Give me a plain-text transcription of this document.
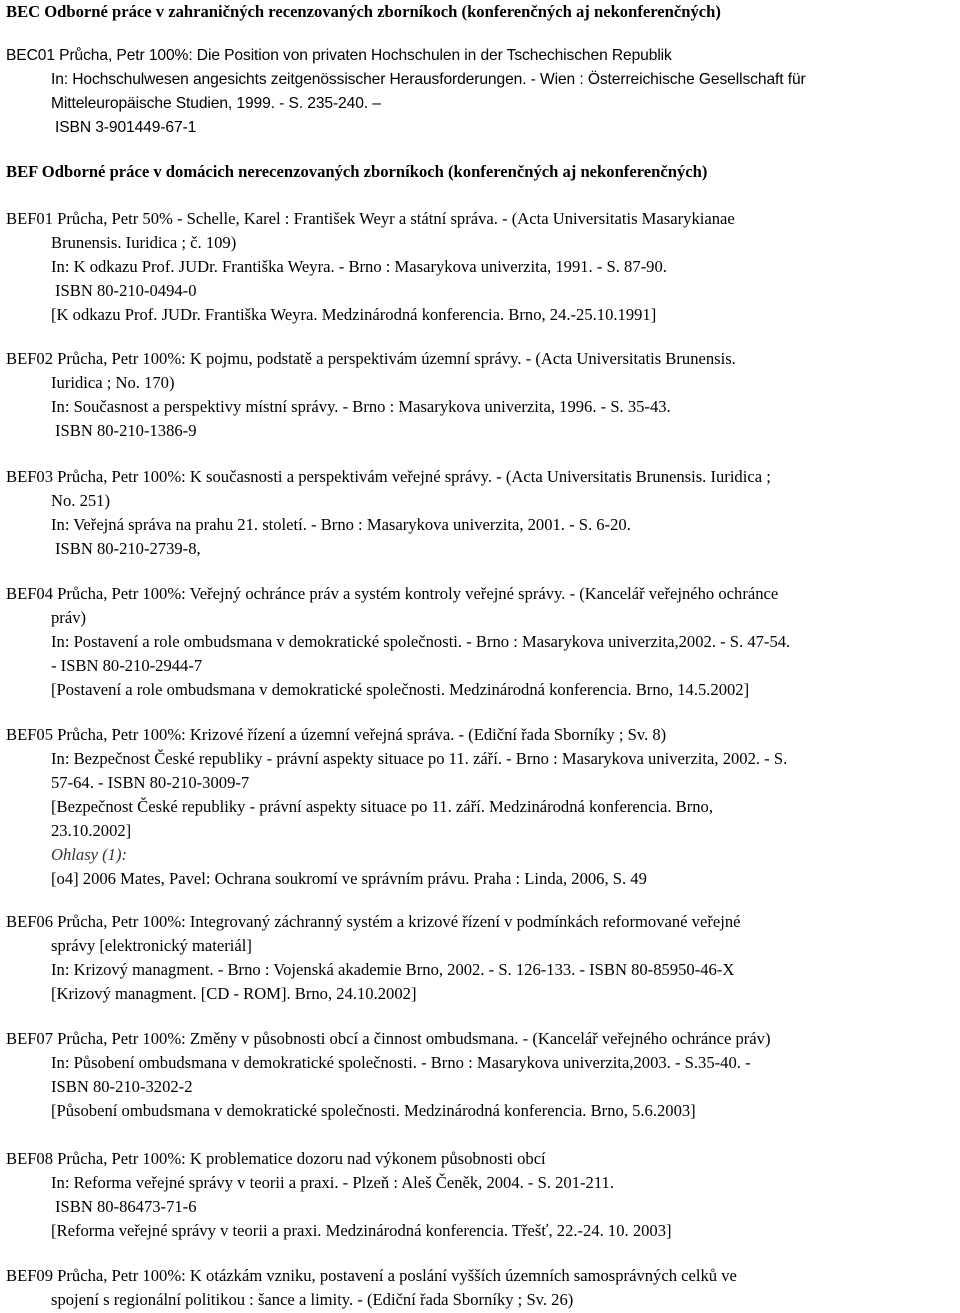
BEC Odborné práce v zahraničných recenzovaných zborníkoch (konferenčných aj nekonferenčných)
BEC01 Průcha, Petr 100%: Die Position von privaten Hochschulen in der Tschechischen Republik
In: Hochschulwesen angesichts zeitgenössischer Herausforderungen. - Wien : Österreichische Gesellschaft für
Mitteleuropäische Studien, 1999. - S. 235-240. –
ISBN 3-901449-67-1
BEF Odborné práce v domácich nerecenzovaných zborníkoch (konferenčných aj nekonferenčných)
BEF01 Průcha, Petr 50% - Schelle, Karel : František Weyr a státní správa. - (Acta Universitatis Masarykianae
Brunensis. Iuridica ; č. 109)
In: K odkazu Prof. JUDr. Františka Weyra. - Brno : Masarykova univerzita, 1991. - S. 87-90.
ISBN 80-210-0494-0
[K odkazu Prof. JUDr. Františka Weyra. Medzinárodná konferencia. Brno, 24.-25.10.1991]
BEF02 Průcha, Petr 100%: K pojmu, podstatě a perspektivám územní správy. - (Acta Universitatis Brunensis.
Iuridica ; No. 170)
In: Současnost a perspektivy místní správy. - Brno : Masarykova univerzita, 1996. - S. 35-43.
ISBN 80-210-1386-9
BEF03 Průcha, Petr 100%: K současnosti a perspektivám veřejné správy. - (Acta Universitatis Brunensis. Iuridica ;
No. 251)
In: Veřejná správa na prahu 21. století. - Brno : Masarykova univerzita, 2001. - S. 6-20.
ISBN 80-210-2739-8,
BEF04 Průcha, Petr 100%: Veřejný ochránce práv a systém kontroly veřejné správy. - (Kancelář veřejného ochránce
práv)
In: Postavení a role ombudsmana v demokratické společnosti. - Brno : Masarykova univerzita,2002. - S. 47-54.
- ISBN 80-210-2944-7
[Postavení a role ombudsmana v demokratické společnosti. Medzinárodná konferencia. Brno, 14.5.2002]
BEF05 Průcha, Petr 100%: Krizové řízení a územní veřejná správa. - (Ediční řada Sborníky ; Sv. 8)
In: Bezpečnost České republiky - právní aspekty situace po 11. září. - Brno : Masarykova univerzita, 2002. - S.
57-64. - ISBN 80-210-3009-7
[Bezpečnost České republiky - právní aspekty situace po 11. září. Medzinárodná konferencia. Brno,
23.10.2002]
Ohlasy (1):
[o4] 2006 Mates, Pavel: Ochrana soukromí ve správním právu. Praha : Linda, 2006, S. 49
BEF06 Průcha, Petr 100%: Integrovaný záchranný systém a krizové řízení v podmínkách reformované veřejné
správy [elektronický materiál]
In: Krizový managment. - Brno : Vojenská akademie Brno, 2002. - S. 126-133. - ISBN 80-85950-46-X
[Krizový managment. [CD - ROM]. Brno, 24.10.2002]
BEF07 Průcha, Petr 100%: Změny v působnosti obcí a činnost ombudsmana. - (Kancelář veřejného ochránce práv)
In: Působení ombudsmana v demokratické společnosti. - Brno : Masarykova univerzita,2003. - S.35-40. -
ISBN 80-210-3202-2
[Působení ombudsmana v demokratické společnosti. Medzinárodná konferencia. Brno, 5.6.2003]
BEF08 Průcha, Petr 100%: K problematice dozoru nad výkonem působnosti obcí
In: Reforma veřejné správy v teorii a praxi. - Plzeň : Aleš Čeněk, 2004. - S. 201-211.
ISBN 80-86473-71-6
[Reforma veřejné správy v teorii a praxi. Medzinárodná konferencia. Třešť, 22.-24. 10. 2003]
BEF09 Průcha, Petr 100%: K otázkám vzniku, postavení a poslání vyšších územních samosprávných celků ve
spojení s regionální politikou : šance a limity. - (Ediční řada Sborníky ; Sv. 26)
